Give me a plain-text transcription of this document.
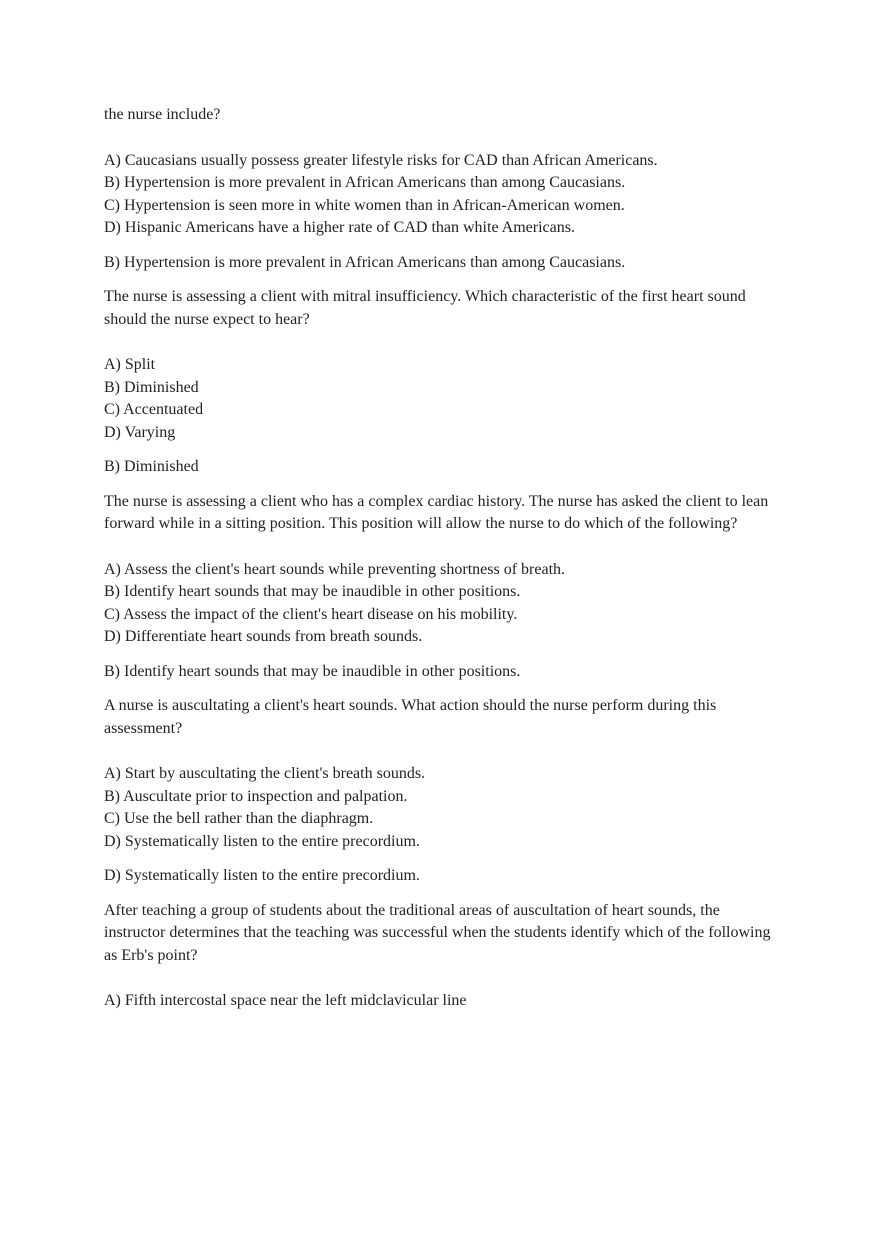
the nurse include?

A) Caucasians usually possess greater lifestyle risks for CAD than African Americans.
B) Hypertension is more prevalent in African Americans than among Caucasians.
C) Hypertension is seen more in white women than in African-American women.
D) Hispanic Americans have a higher rate of CAD than white Americans.

B) Hypertension is more prevalent in African Americans than among Caucasians.

The nurse is assessing a client with mitral insufficiency. Which characteristic of the first heart sound should the nurse expect to hear?

A) Split
B) Diminished
C) Accentuated
D) Varying

B) Diminished

The nurse is assessing a client who has a complex cardiac history. The nurse has asked the client to lean forward while in a sitting position. This position will allow the nurse to do which of the following?

A) Assess the client's heart sounds while preventing shortness of breath.
B) Identify heart sounds that may be inaudible in other positions.
C) Assess the impact of the client's heart disease on his mobility.
D) Differentiate heart sounds from breath sounds.

B) Identify heart sounds that may be inaudible in other positions.

A nurse is auscultating a client's heart sounds. What action should the nurse perform during this assessment?

A) Start by auscultating the client's breath sounds.
B) Auscultate prior to inspection and palpation.
C) Use the bell rather than the diaphragm.
D) Systematically listen to the entire precordium.

D) Systematically listen to the entire precordium.

After teaching a group of students about the traditional areas of auscultation of heart sounds, the instructor determines that the teaching was successful when the students identify which of the following as Erb's point?

A) Fifth intercostal space near the left midclavicular line
